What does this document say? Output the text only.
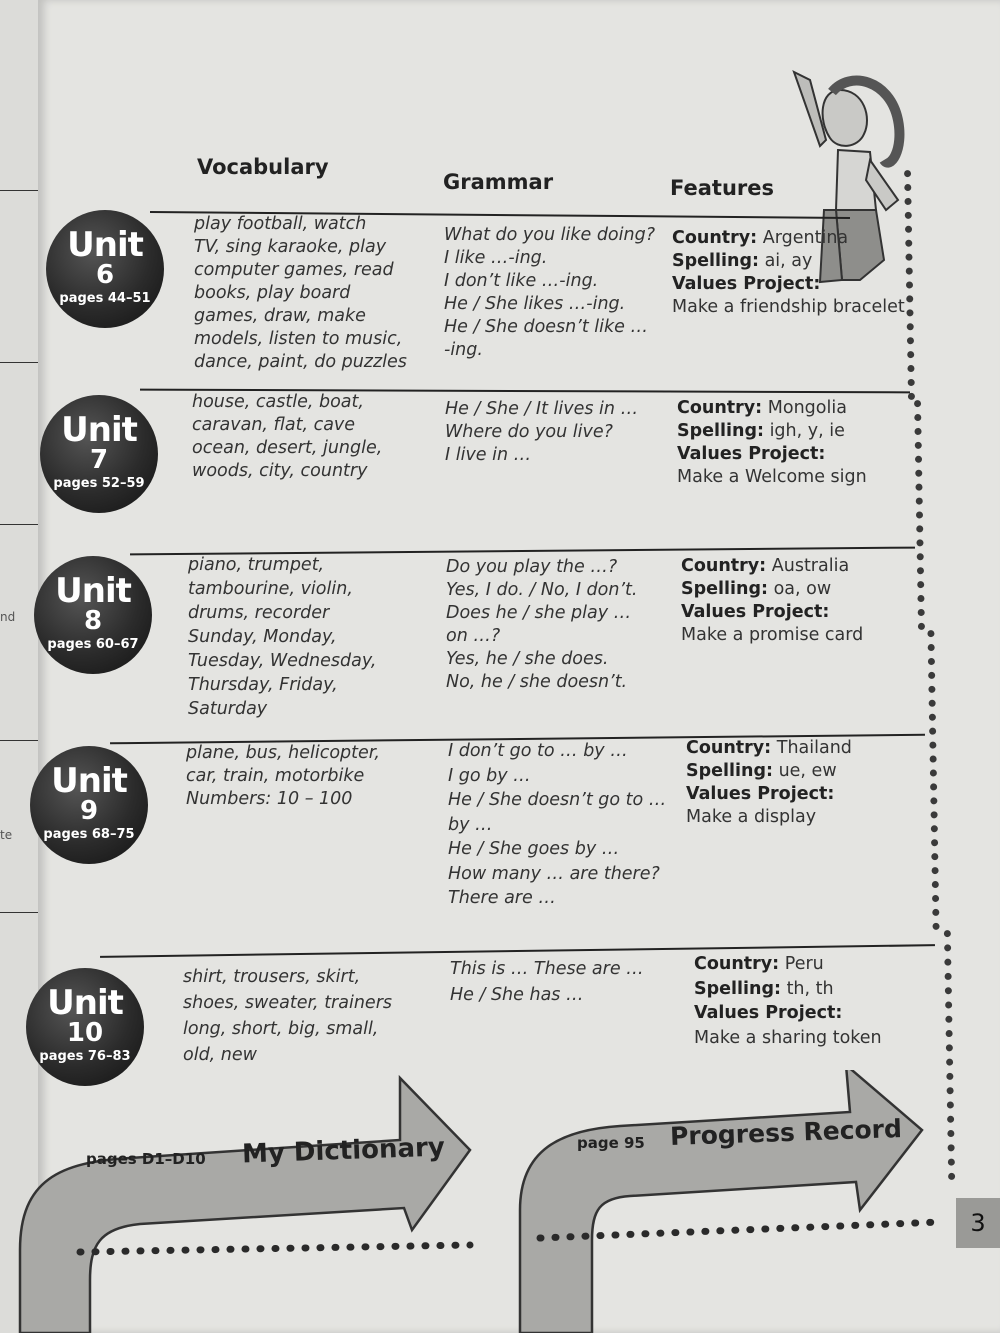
nd
te
Vocabulary
Grammar	Features
Unit
6
pages 44–51
play football, watch
TV, sing karaoke, play
computer games, read
books, play board
games, draw, make
models, listen to music,
dance, paint, do puzzles
What do you like doing?
I like …-ing.
I don’t like …-ing.
He / She likes …-ing.
He / She doesn’t like …
-ing.
Country: Argentina
Spelling: ai, ay
Values Project:
Make a friendship bracelet
Unit
7
pages 52–59
house, castle, boat,
caravan, flat, cave
ocean, desert, jungle,
woods, city, country
He / She / It lives in …
Where do you live?
I live in …
Country: Mongolia
Spelling: igh, y, ie
Values Project:
Make a Welcome sign
Unit
8
pages 60–67
piano, trumpet,
tambourine, violin,
drums, recorder
Sunday, Monday,
Tuesday, Wednesday,
Thursday, Friday,
Saturday
Do you play the …?
Yes, I do. / No, I don’t.
Does he / she play …
on …?
Yes, he / she does.
No, he / she doesn’t.
Country: Australia
Spelling: oa, ow
Values Project:
Make a promise card
Unit
9
pages 68–75
plane, bus, helicopter,
car, train, motorbike
Numbers: 10 – 100
I don’t go to … by …
I go by …
He / She doesn’t go to …
by …
He / She goes by …
How many … are there?
There are …
Country: Thailand
Spelling: ue, ew
Values Project:
Make a display
Unit
10
pages 76–83
shirt, trousers, skirt,
shoes, sweater, trainers
long, short, big, small,
old, new
This is … These are …
He / She has …
Country: Peru
Spelling: th, th
Values Project:
Make a sharing token
pages D1–D10 My Dictionary	page 95 Progress Record
3
